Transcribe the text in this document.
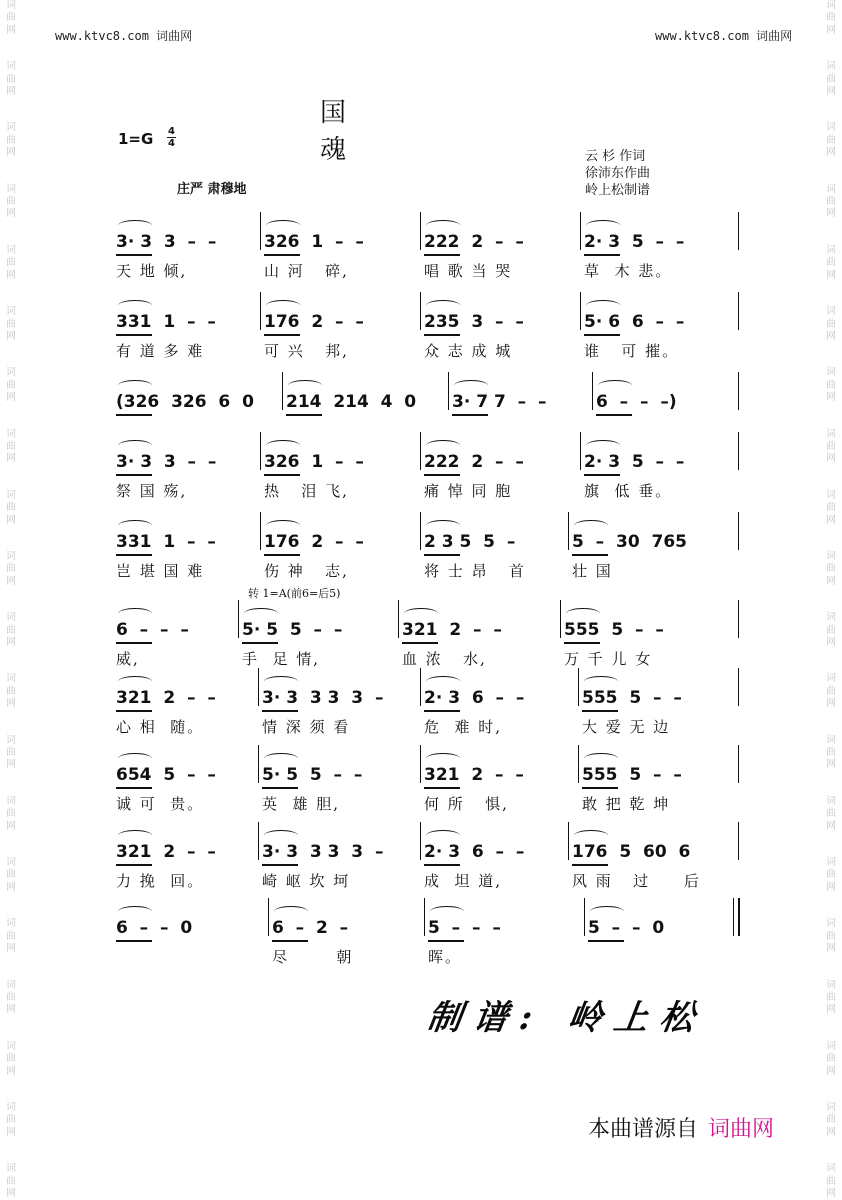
词
曲
网
词
曲
网
词
曲
网
词
曲
网
词
曲
网
词
曲
网
词
曲
网
词
曲
网
词
曲
网
词
曲
网
词
曲
网
词
曲
网
词
曲
网
词
曲
网
词
曲
网
词
曲
网
词
曲
网
词
曲
网
词
曲
网
词
曲
网
词
曲
网
词
曲
网
词
曲
网
词
曲
网
词
曲
网
词
曲
网
词
曲
网
词
曲
网
词
曲
网
词
曲
网
词
曲
网
词
曲
网
词
曲
网
词
曲
网
词
曲
网
词
曲
网
词
曲
网
词
曲
网
词
曲
网
词
曲
网
www.ktvc8.com 词曲网	www.ktvc8.com 词曲网
国魂
1=G 4
4
庄严 肃穆地
云 杉 作词
徐沛东作曲
岭上松制谱
3· 3  3  –  –
天 地 倾,
326  1  –  –
山 河   碎,
222  2  –  –
唱 歌 当 哭
2· 3  5  –  –
草  木 悲。
331  1  –  –
有 道 多 难
176  2  –  –
可 兴   邦,
235  3  –  –
众 志 成 城
5· 6  6  –  –
谁   可 摧。
(326  326  6  0 214  214  4  0 3· 7 7  –  –	6  –  –  –)
3· 3  3  –  –
祭 国 殇,
326  1  –  –
热   泪 飞,
222  2  –  –
痛 悼 同 胞
2· 3  5  –  –
旗  低 垂。
331  1  –  –
岂 堪 国 难
176  2  –  –
伤 神   志,
2 3 5  5  –
将 士 昂   首
5  –  30  765
壮 国
6  –  –  –
威,
5· 5  5  –  –
手  足 情,
321  2  –  –
血 浓   水,
555  5  –  –
万 千 儿 女
321  2  –  –
心 相  随。
3· 3  3 3  3  –
情 深 须 看
2· 3  6  –  –
危  难 时,
555  5  –  –
大 爱 无 边
654  5  –  –
诚 可  贵。
5· 5  5  –  –
英  雄 胆,
321  2  –  –
何 所   惧,
555  5  –  –
敢 把 乾 坤
321  2  –  –
力 挽  回。
3· 3  3 3  3  –
崎 岖 坎 坷
2· 3  6  –  –
成  坦 道,
176  5  60  6
风 雨   过     后
6  –  –  0	6  –  2  –
尽       朝
5  –  –  –
晖。
5  –  –  0
转 1=A(前6=后5)
制谱: 岭上松
本曲谱源自 词曲网
